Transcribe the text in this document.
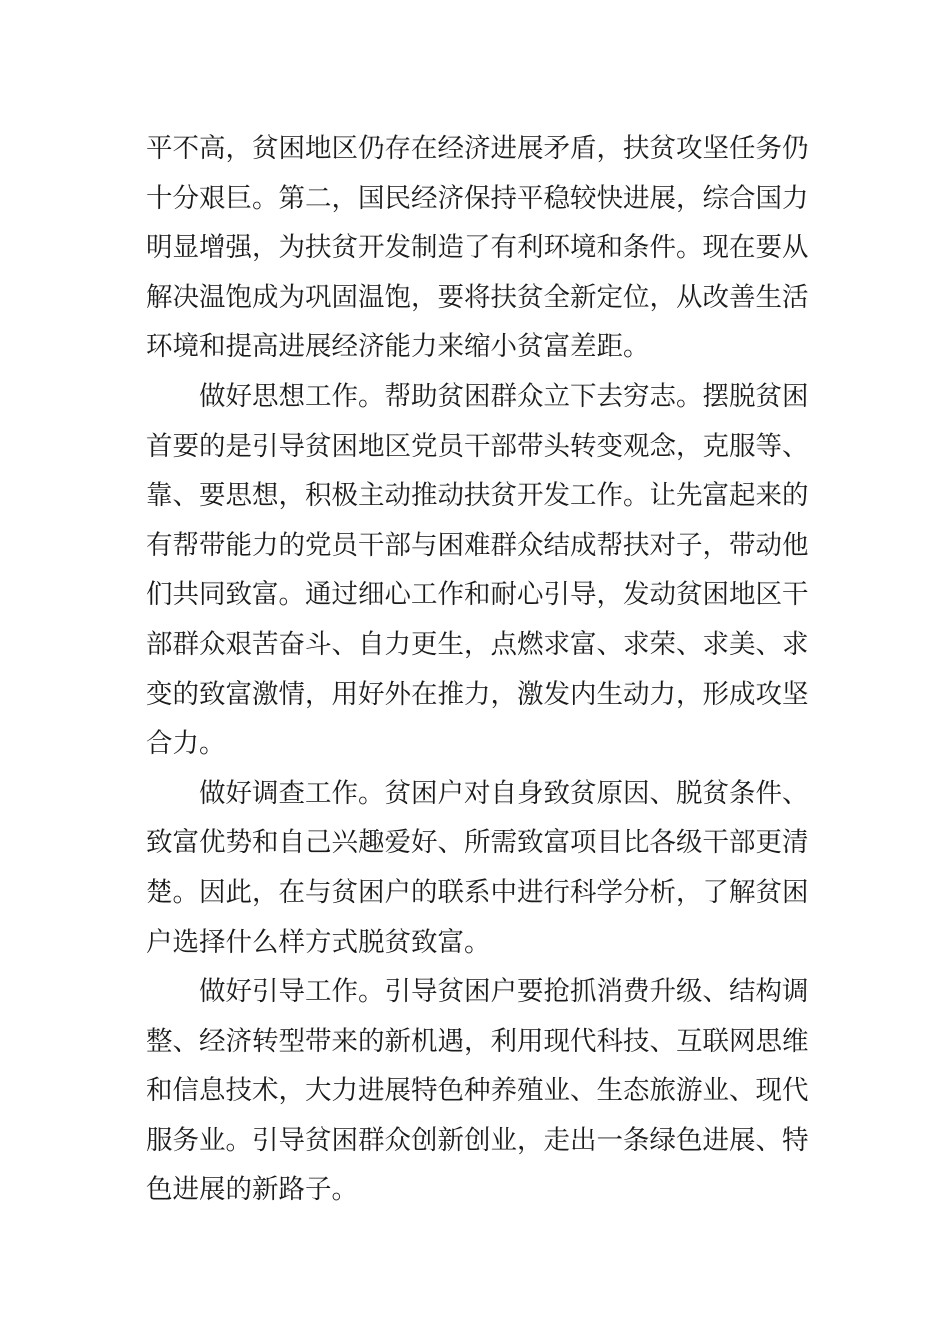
平不高，贫困地区仍存在经济进展矛盾，扶贫攻坚任务仍
十分艰巨。第二，国民经济保持平稳较快进展，综合国力
明显增强，为扶贫开发制造了有利环境和条件。现在要从
解决温饱成为巩固温饱，要将扶贫全新定位，从改善生活
环境和提高进展经济能力来缩小贫富差距。
做好思想工作。帮助贫困群众立下去穷志。摆脱贫困
首要的是引导贫困地区党员干部带头转变观念，克服等、
靠、要思想，积极主动推动扶贫开发工作。让先富起来的
有帮带能力的党员干部与困难群众结成帮扶对子，带动他
们共同致富。通过细心工作和耐心引导，发动贫困地区干
部群众艰苦奋斗、自力更生，点燃求富、求荣、求美、求
变的致富激情，用好外在推力，激发内生动力，形成攻坚
合力。
做好调查工作。贫困户对自身致贫原因、脱贫条件、
致富优势和自己兴趣爱好、所需致富项目比各级干部更清
楚。因此，在与贫困户的联系中进行科学分析，了解贫困
户选择什么样方式脱贫致富。
做好引导工作。引导贫困户要抢抓消费升级、结构调
整、经济转型带来的新机遇，利用现代科技、互联网思维
和信息技术，大力进展特色种养殖业、生态旅游业、现代
服务业。引导贫困群众创新创业，走出一条绿色进展、特
色进展的新路子。
